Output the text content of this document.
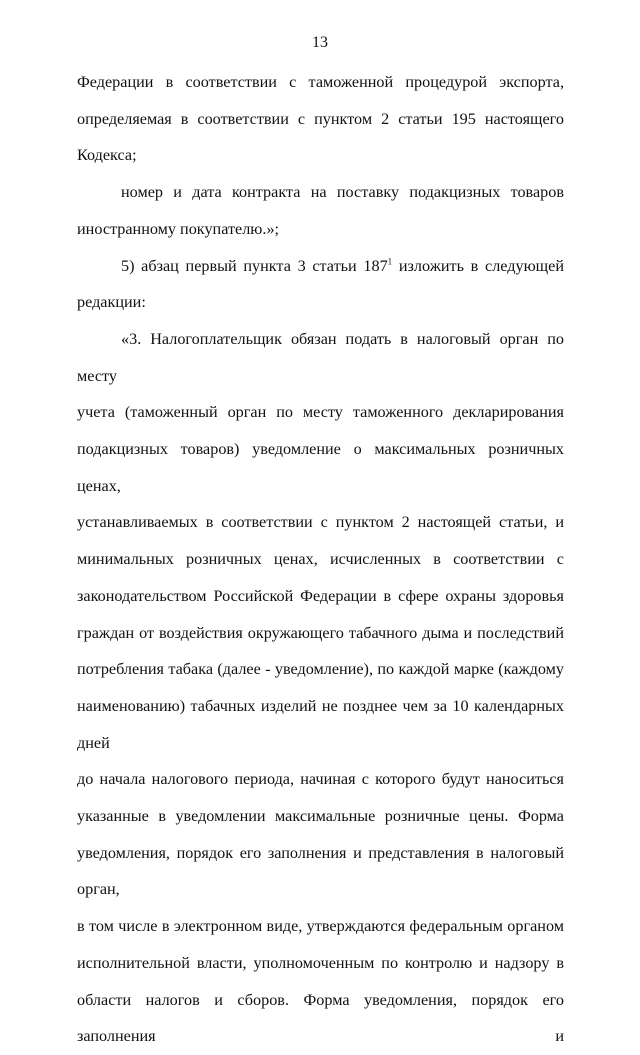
13

Федерации в соответствии с таможенной процедурой экспорта,
определяемая в соответствии с пунктом 2 статьи 195 настоящего Кодекса;

номер и дата контракта на поставку подакцизных товаров
иностранному покупателю.»;

5) абзац первый пункта 3 статьи $187^1$ изложить в следующей
редакции:

«3. Налогоплательщик обязан подать в налоговый орган по месту
учета (таможенный орган по месту таможенного декларирования
подакцизных товаров) уведомление о максимальных розничных ценах,
устанавливаемых в соответствии с пунктом 2 настоящей статьи, и
минимальных розничных ценах, исчисленных в соответствии с
законодательством Российской Федерации в сфере охраны здоровья
граждан от воздействия окружающего табачного дыма и последствий
потребления табака (далее - уведомление), по каждой марке (каждому
наименованию) табачных изделий не позднее чем за 10 календарных дней
до начала налогового периода, начиная с которого будут наноситься
указанные в уведомлении максимальные розничные цены. Форма
уведомления, порядок его заполнения и представления в налоговый орган,
в том числе в электронном виде, утверждаются федеральным органом
исполнительной власти, уполномоченным по контролю и надзору в
области налогов и сборов. Форма уведомления, порядок его заполнения и
